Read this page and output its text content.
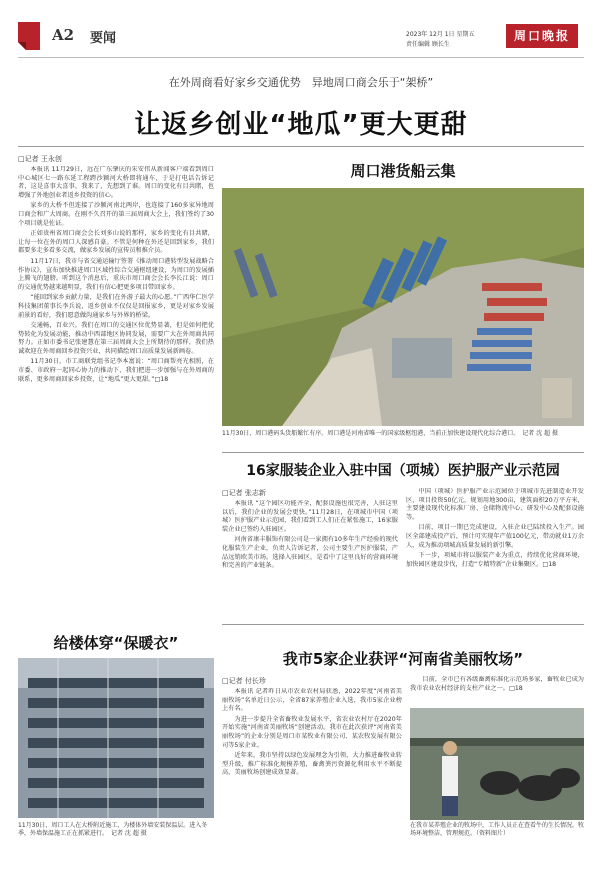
A2 要闻	2023年 12月 1日 星期五
责任编辑 顾长生
周口晚报
在外周商看好家乡交通优势　异地周口商会乐于“架桥”
让返乡创业“地瓜”更大更甜
□记者 王永创

本报讯 11月29日，远在广东肇庆的朱安伟从新闻客户端看到周口中心城区七一路东延工程跨沙颍河大桥即将通车，于是打电话告诉记者，这是喜事大喜事，我来了，先想到了谁。周口的变化有目共睹，也增强了外地创业者返乡投资的信心。

家乡的大桥不但连接了沙颍河南北两岸，也连接了160多家异地周口商会和广大周商。在刚不久召开的第三届周商大会上，我们签约了30个项目就是佐证。

正如贵州省周口商会会长刘多山说的那样，家乡的变化有目共睹，让每一位在外的周口人深感自豪。不管是何种在外还是回到家乡，我们都要多走多看多交流，做家乡发展的宣传员和推介员。

11月17日，我市与省交通运输厅签署《推动周口港转型发展战略合作协议》，宣布加快推进周口区域性综合交通枢纽建设，为周口的发展插上腾飞的翅膀。听到这个消息后，重庆市周口商会会长李长江说：周口的交通优势越来越明显，我们有信心把更多项目带回家乡。

“能回到家乡贡献力量，是我们在外游子最大的心愿。”广西华仁医学科技集团董事长李兵说，返乡创业不仅仅是回报家乡，更是对家乡发展前景的看好，我们愿意做沟通家乡与外界的桥梁。

交通畅，百业兴。我们在周口的交通区位优势显著，但是如何把优势转化为发展动能，推动中西部地区协同发展，需要广大在外周商共同努力。正如市委书记张建慧在第三届周商大会上所期待的那样，我们热诚欢迎在外周商回乡投资兴业，共同描绘周口高质量发展新画卷。

11月30日，市工商联党组书记李本富说：“周口商帮亮光相照，在市委、市政府一起同心协力的推动下，我们把进一步加强与在外周商的联系，更多周商回家乡投资，让“地瓜”更大更甜。”□18

周口港货船云集
11月30日，周口港码头货船繁忙有序。周口港是河南省唯一的国家级枢纽港，当前正加快建设现代化综合港口。　记者 沈 超 摄
16家服装企业入驻中国（项城）医护服产业示范园
□记者 张志新

本报讯 “这个园区功能齐全，配套设施也很完善，人驻这里以后，我们企业的发展会更快。”11月28日，在项城市中国（项城）医护服产业示范园，我们看到工人们正在紧张施工，16家服装企业已签约入驻园区。

河南省康丰服饰有限公司是一家拥有10多年生产经验的现代化服装生产企业，负责人告诉记者，公司主要生产医护服装，产品远销欧美市场。选择入驻园区，是看中了这里良好的营商环境和完善的产业链条。

中国（项城）医护服产业示范园位于项城市先进制造业开发区，项目投资50亿元，规划用地300亩，建筑面积20万平方米，主要建设现代化标准厂房、仓储物流中心、研发中心及配套设施等。

目前，项目一期已完成建设，入驻企业已陆续投入生产。园区全部建成投产后，预计可实现年产值100亿元，带动就业1万余人，成为推动项城高质量发展的新引擎。

下一步，项城市将以服装产业为重点，持续优化营商环境，加快园区建设步伐，打造“专精特新”企业集聚区。□18

给楼体穿“保暖衣”
11月30日，周口工人在大桥附近施工，为楼体外墙安装保温层。进入冬季，外墙保温施工正在抓紧进行。　记者 沈 超 摄
我市5家企业获评“河南省美丽牧场”
□记者 付长珍

本报讯 记者昨日从市农业农村局获悉，2022年度“河南省美丽牧场”名单近日公示，全省87家养殖企业入选，我市5家企业榜上有名。

为进一步提升全省畜牧业发展水平，省农业农村厅在2020年开始实施“河南省美丽牧场”创建活动。我市在此次获评“河南省美丽牧场”的企业分别是周口市某牧业有限公司、某农牧发展有限公司等5家企业。

近年来，我市坚持以绿色发展理念为引领，大力推进畜牧业转型升级，推广标准化规模养殖，畜禽粪污资源化利用水平不断提高，美丽牧场创建成效显著。

目前，全市已有各级畜禽标准化示范场多家，畜牧业已成为我市农业农村经济的支柱产业之一。□18

在我市某养殖企业的牧场中，工作人员正在查看牛的生长情况。牧场环境整洁，管理规范。（资料图片）
